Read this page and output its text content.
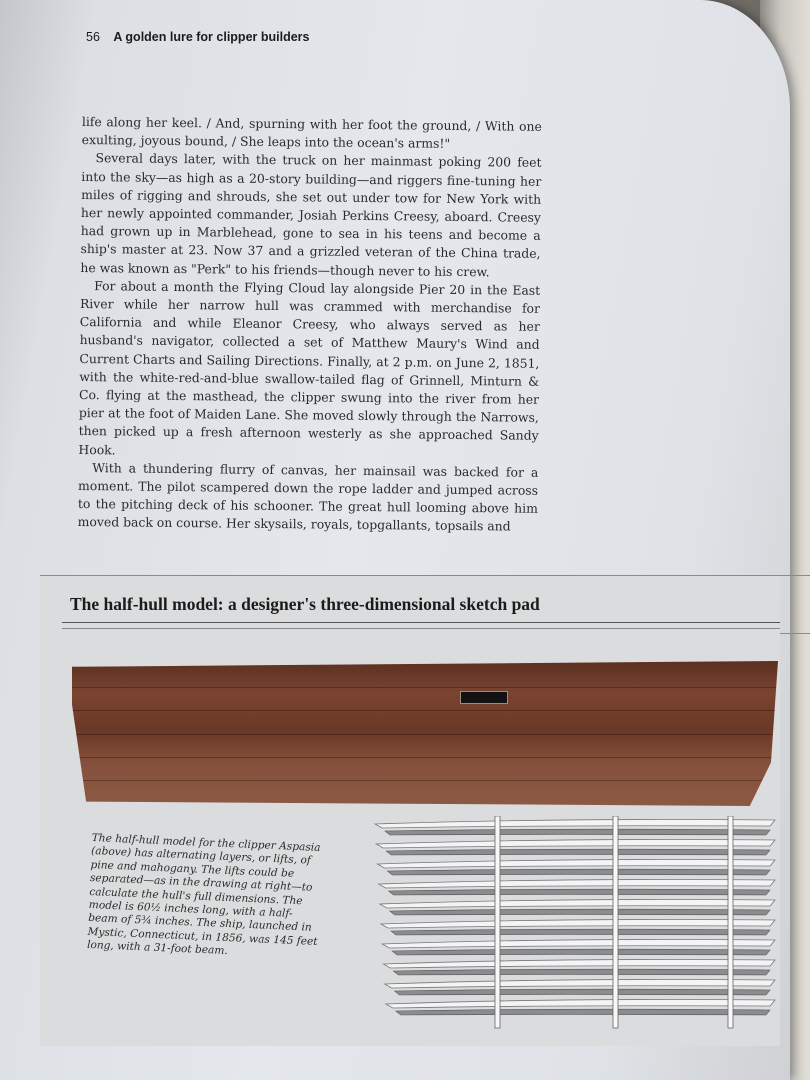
56 A golden lure for clipper builders

life along her keel. / And, spurning with her foot the ground, / With one exulting, joyous bound, / She leaps into the ocean's arms!"

Several days later, with the truck on her mainmast poking 200 feet into the sky—as high as a 20-story building—and riggers fine-tuning her miles of rigging and shrouds, she set out under tow for New York with her newly appointed commander, Josiah Perkins Creesy, aboard. Creesy had grown up in Marblehead, gone to sea in his teens and become a ship's master at 23. Now 37 and a grizzled veteran of the China trade, he was known as "Perk" to his friends—though never to his crew.

For about a month the Flying Cloud lay alongside Pier 20 in the East River while her narrow hull was crammed with merchandise for California and while Eleanor Creesy, who always served as her husband's navigator, collected a set of Matthew Maury's Wind and Current Charts and Sailing Directions. Finally, at 2 p.m. on June 2, 1851, with the white-red-and-blue swallow-tailed flag of Grinnell, Minturn & Co. flying at the masthead, the clipper swung into the river from her pier at the foot of Maiden Lane. She moved slowly through the Narrows, then picked up a fresh afternoon westerly as she approached Sandy Hook.

With a thundering flurry of canvas, her mainsail was backed for a moment. The pilot scampered down the rope ladder and jumped across to the pitching deck of his schooner. The great hull looming above him moved back on course. Her skysails, royals, topgallants, topsails and

The half-hull model: a designer's three-dimensional sketch pad
The half-hull model for the clipper Aspasia (above) has alternating layers, or lifts, of pine and mahogany. The lifts could be separated—as in the drawing at right—to calculate the hull's full dimensions. The model is 60½ inches long, with a half-beam of 5¾ inches. The ship, launched in Mystic, Connecticut, in 1856, was 145 feet long, with a 31-foot beam.
